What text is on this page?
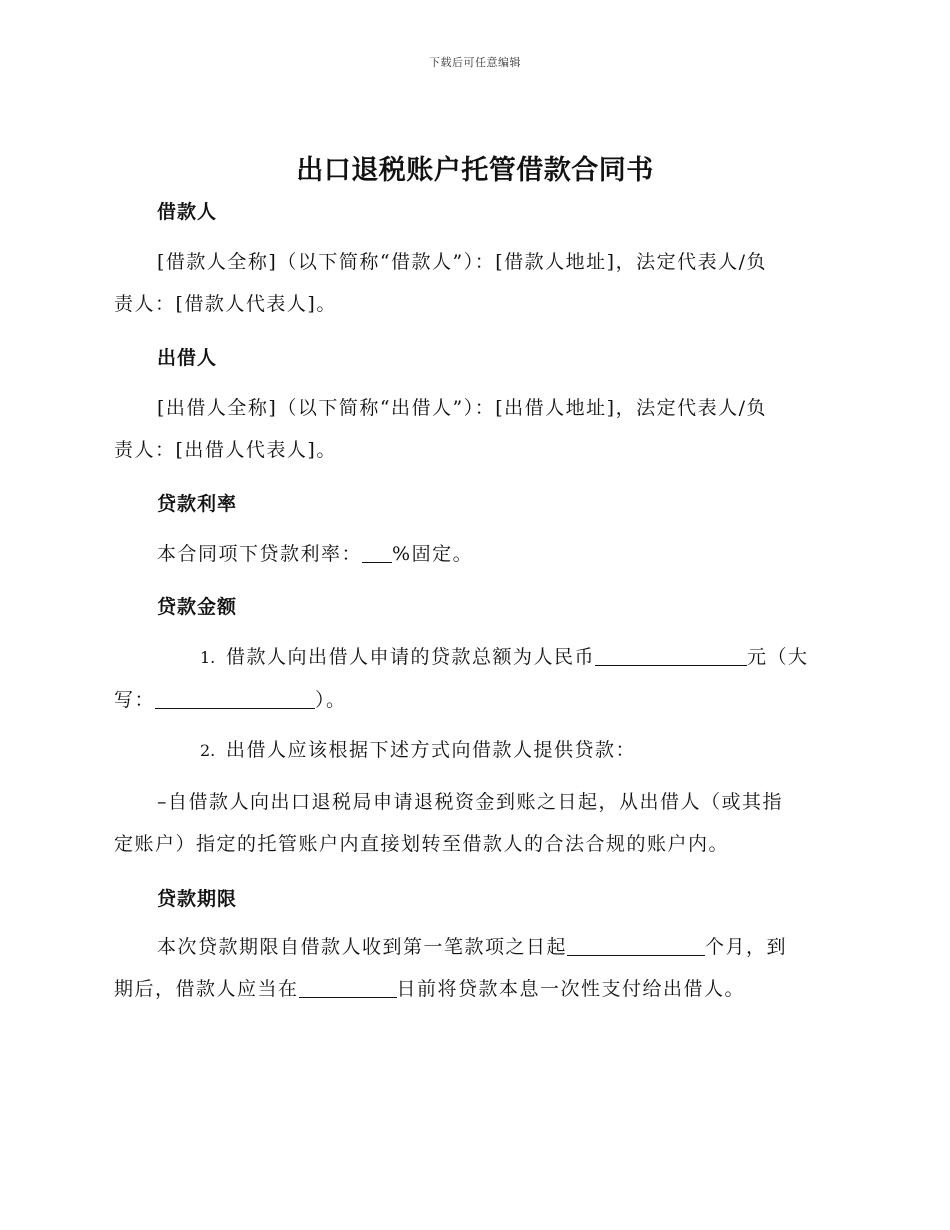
下载后可任意编辑
出口退税账户托管借款合同书
借款人

[借款人全称]（以下简称“借款人”）：[借款人地址]，法定代表人/负
责人：[借款人代表人]。

出借人

[出借人全称]（以下简称“出借人”）：[出借人地址]，法定代表人/负
责人：[出借人代表人]。

贷款利率

本合同项下贷款利率： %固定。

贷款金额

1. 借款人向出借人申请的贷款总额为人民币	元（大
写：	）。

2. 出借人应该根据下述方式向借款人提供贷款：

–自借款人向出口退税局申请退税资金到账之日起，从出借人（或其指
定账户）指定的托管账户内直接划转至借款人的合法合规的账户内。

贷款期限

本次贷款期限自借款人收到第一笔款项之日起	个月，到
期后，借款人应当在	日前将贷款本息一次性支付给出借人。
